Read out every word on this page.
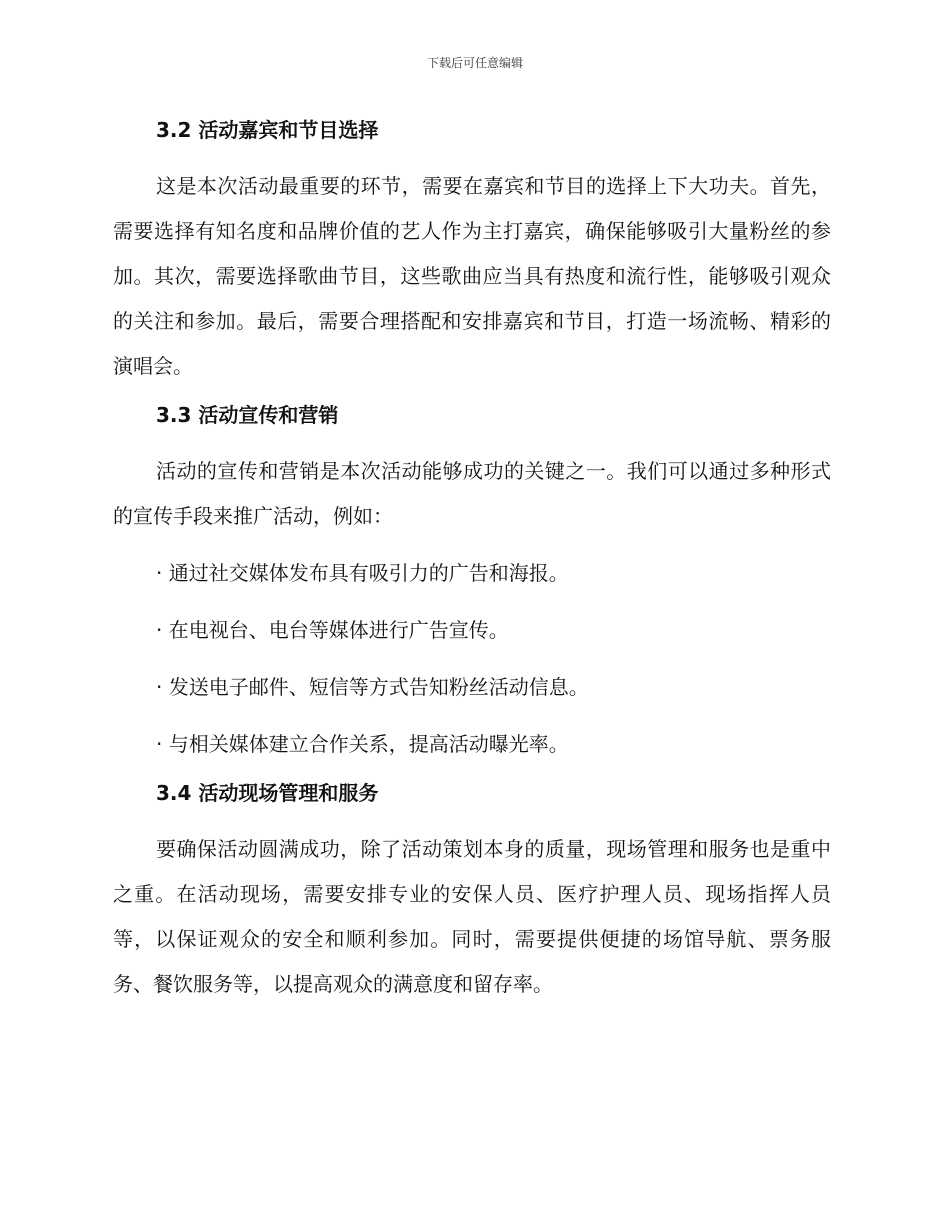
下载后可任意编辑
3.2 活动嘉宾和节目选择

这是本次活动最重要的环节，需要在嘉宾和节目的选择上下大功夫。首先，需要选择有知名度和品牌价值的艺人作为主打嘉宾，确保能够吸引大量粉丝的参加。其次，需要选择歌曲节目，这些歌曲应当具有热度和流行性，能够吸引观众的关注和参加。最后，需要合理搭配和安排嘉宾和节目，打造一场流畅、精彩的演唱会。

3.3 活动宣传和营销

活动的宣传和营销是本次活动能够成功的关键之一。我们可以通过多种形式的宣传手段来推广活动，例如：

· 通过社交媒体发布具有吸引力的广告和海报。
· 在电视台、电台等媒体进行广告宣传。
· 发送电子邮件、短信等方式告知粉丝活动信息。
· 与相关媒体建立合作关系，提高活动曝光率。
3.4 活动现场管理和服务

要确保活动圆满成功，除了活动策划本身的质量，现场管理和服务也是重中之重。在活动现场，需要安排专业的安保人员、医疗护理人员、现场指挥人员等，以保证观众的安全和顺利参加。同时，需要提供便捷的场馆导航、票务服务、餐饮服务等，以提高观众的满意度和留存率。
